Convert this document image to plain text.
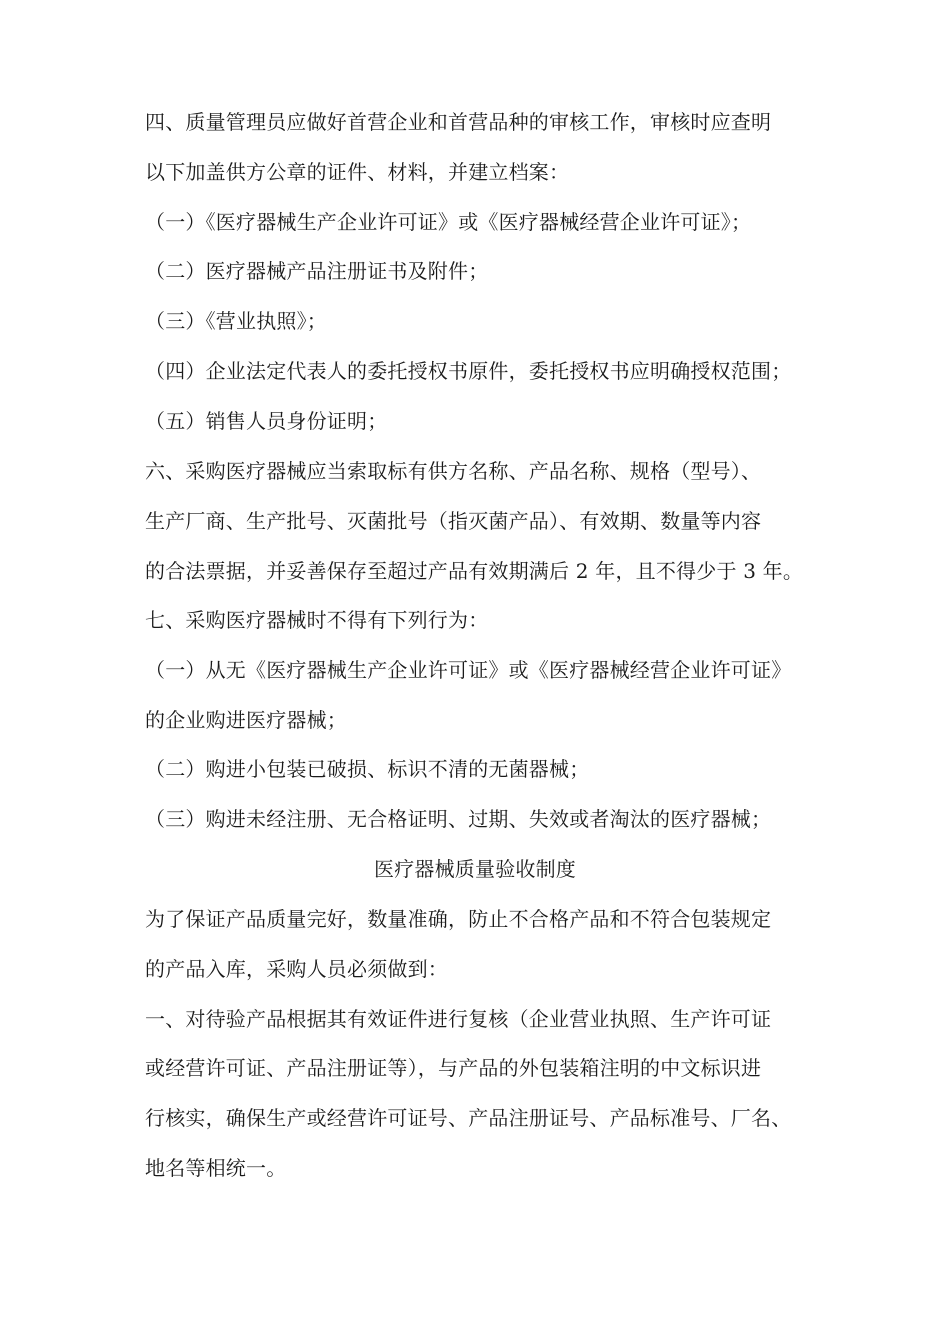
四、质量管理员应做好首营企业和首营品种的审核工作，审核时应查明
以下加盖供方公章的证件、材料，并建立档案：
（一）《医疗器械生产企业许可证》或《医疗器械经营企业许可证》；
（二）医疗器械产品注册证书及附件；
（三）《营业执照》；
（四）企业法定代表人的委托授权书原件，委托授权书应明确授权范围；
（五）销售人员身份证明；
六、采购医疗器械应当索取标有供方名称、产品名称、规格（型号）、
生产厂商、生产批号、灭菌批号（指灭菌产品）、有效期、数量等内容
的合法票据，并妥善保存至超过产品有效期满后 2 年，且不得少于 3 年。
七、采购医疗器械时不得有下列行为：
（一）从无《医疗器械生产企业许可证》或《医疗器械经营企业许可证》
的企业购进医疗器械；
（二）购进小包装已破损、标识不清的无菌器械；
（三）购进未经注册、无合格证明、过期、失效或者淘汰的医疗器械；
医疗器械质量验收制度
为了保证产品质量完好，数量准确，防止不合格产品和不符合包装规定
的产品入库，采购人员必须做到：
一、对待验产品根据其有效证件进行复核（企业营业执照、生产许可证
或经营许可证、产品注册证等），与产品的外包装箱注明的中文标识进
行核实，确保生产或经营许可证号、产品注册证号、产品标准号、厂名、
地名等相统一。
